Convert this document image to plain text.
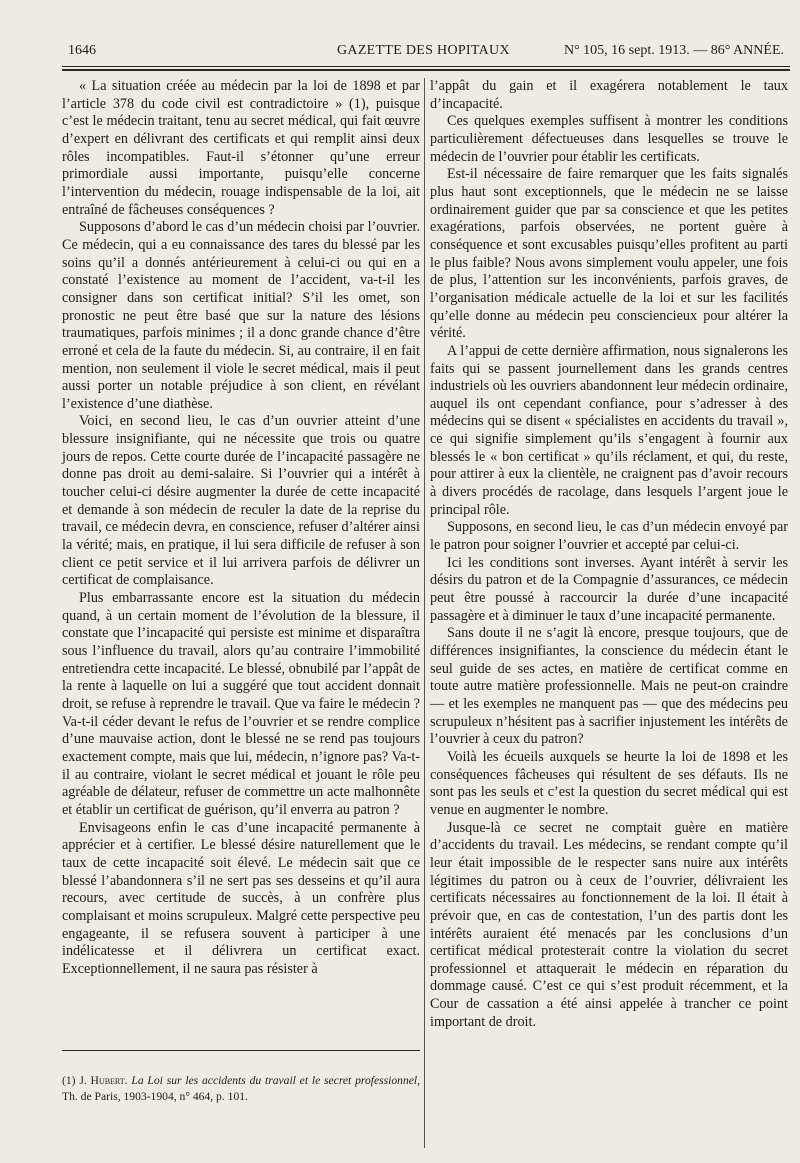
1646	GAZETTE DES HOPITAUX	N° 105, 16 sept. 1913. — 86° ANNÉE.

« La situation créée au médecin par la loi de 1898 et par l’article 378 du code civil est contradictoire » (1), puisque c’est le médecin traitant, tenu au secret médical, qui fait œuvre d’expert en délivrant des certificats et qui remplit ainsi deux rôles incompatibles. Faut-il s’étonner qu’une erreur primordiale aussi importante, puisqu’elle concerne l’intervention du médecin, rouage indispensable de la loi, ait entraîné de fâcheuses conséquences ?

Supposons d’abord le cas d’un médecin choisi par l’ouvrier. Ce médecin, qui a eu connaissance des tares du blessé par les soins qu’il a donnés antérieurement à celui-ci ou qui en a constaté l’existence au moment de l’accident, va-t-il les consigner dans son certificat initial? S’il les omet, son pronostic ne peut être basé que sur la nature des lésions traumatiques, parfois minimes ; il a donc grande chance d’être erroné et cela de la faute du médecin. Si, au contraire, il en fait mention, non seulement il viole le secret médical, mais il peut aussi porter un notable préjudice à son client, en révélant l’existence d’une diathèse.

Voici, en second lieu, le cas d’un ouvrier atteint d’une blessure insignifiante, qui ne nécessite que trois ou quatre jours de repos. Cette courte durée de l’incapacité passagère ne donne pas droit au demi-salaire. Si l’ouvrier qui a intérêt à toucher celui-ci désire augmenter la durée de cette incapacité et demande à son médecin de reculer la date de la reprise du travail, ce médecin devra, en conscience, refuser d’altérer ainsi la vérité; mais, en pratique, il lui sera difficile de refuser à son client ce petit service et il lui arrivera parfois de délivrer un certificat de complaisance.

Plus embarrassante encore est la situation du médecin quand, à un certain moment de l’évolution de la blessure, il constate que l’incapacité qui persiste est minime et disparaîtra sous l’influence du travail, alors qu’au contraire l’immobilité entretiendra cette incapacité. Le blessé, obnubilé par l’appât de la rente à laquelle on lui a suggéré que tout accident donnait droit, se refuse à reprendre le travail. Que va faire le médecin ? Va-t-il céder devant le refus de l’ouvrier et se rendre complice d’une mauvaise action, dont le blessé ne se rend pas toujours exactement compte, mais que lui, médecin, n’ignore pas? Va-t-il au contraire, violant le secret médical et jouant le rôle peu agréable de délateur, refuser de commettre un acte malhonnête et établir un certificat de guérison, qu’il enverra au patron ?

Envisageons enfin le cas d’une incapacité permanente à apprécier et à certifier. Le blessé désire naturellement que le taux de cette incapacité soit élevé. Le médecin sait que ce blessé l’abandonnera s’il ne sert pas ses desseins et qu’il aura recours, avec certitude de succès, à un confrère plus complaisant et moins scrupuleux. Malgré cette perspective peu engageante, il se refusera souvent à participer à une indélicatesse et il délivrera un certificat exact. Exceptionnellement, il ne saura pas résister à

l’appât du gain et il exagérera notablement le taux d’incapacité.

Ces quelques exemples suffisent à montrer les conditions particulièrement défectueuses dans lesquelles se trouve le médecin de l’ouvrier pour établir les certificats.

Est-il nécessaire de faire remarquer que les faits signalés plus haut sont exceptionnels, que le médecin ne se laisse ordinairement guider que par sa conscience et que les petites exagérations, parfois observées, ne portent guère à conséquence et sont excusables puisqu’elles profitent au parti le plus faible? Nous avons simplement voulu appeler, une fois de plus, l’attention sur les inconvénients, parfois graves, de l’organisation médicale actuelle de la loi et sur les facilités qu’elle donne au médecin peu consciencieux pour altérer la vérité.

A l’appui de cette dernière affirmation, nous signalerons les faits qui se passent journellement dans les grands centres industriels où les ouvriers abandonnent leur médecin ordinaire, auquel ils ont cependant confiance, pour s’adresser à des médecins qui se disent « spécialistes en accidents du travail », ce qui signifie simplement qu’ils s’engagent à fournir aux blessés le « bon certificat » qu’ils réclament, et qui, du reste, pour attirer à eux la clientèle, ne craignent pas d’avoir recours à divers procédés de racolage, dans lesquels l’argent joue le principal rôle.

Supposons, en second lieu, le cas d’un médecin envoyé par le patron pour soigner l’ouvrier et accepté par celui-ci.

Ici les conditions sont inverses. Ayant intérêt à servir les désirs du patron et de la Compagnie d’assurances, ce médecin peut être poussé à raccourcir la durée d’une incapacité passagère et à diminuer le taux d’une incapacité permanente.

Sans doute il ne s’agit là encore, presque toujours, que de différences insignifiantes, la conscience du médecin étant le seul guide de ses actes, en matière de certificat comme en toute autre matière professionnelle. Mais ne peut-on craindre — et les exemples ne manquent pas — que des médecins peu scrupuleux n’hésitent pas à sacrifier injustement les intérêts de l’ouvrier à ceux du patron?

Voilà les écueils auxquels se heurte la loi de 1898 et les conséquences fâcheuses qui résultent de ses défauts. Ils ne sont pas les seuls et c’est la question du secret médical qui est venue en augmenter le nombre.

Jusque-là ce secret ne comptait guère en matière d’accidents du travail. Les médecins, se rendant compte qu’il leur était impossible de le respecter sans nuire aux intérêts légitimes du patron ou à ceux de l’ouvrier, délivraient les certificats nécessaires au fonctionnement de la loi. Il était à prévoir que, en cas de contestation, l’un des partis dont les intérêts auraient été menacés par les conclusions d’un certificat médical protesterait contre la violation du secret professionnel et attaquerait le médecin en réparation du dommage causé. C’est ce qui s’est produit récemment, et la Cour de cassation a été ainsi appelée à trancher ce point important de droit.

(1) J. Hubert. La Loi sur les accidents du travail et le secret professionnel, Th. de Paris, 1903-1904, n° 464, p. 101.
